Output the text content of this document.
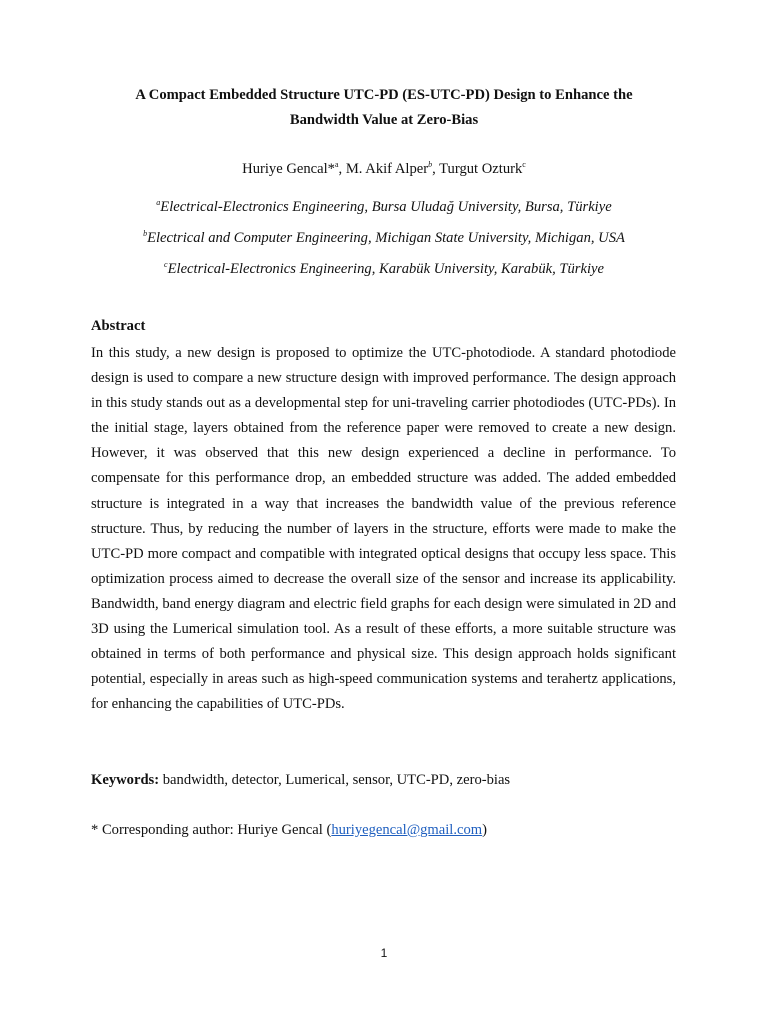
A Compact Embedded Structure UTC-PD (ES-UTC-PD) Design to Enhance the Bandwidth Value at Zero-Bias
Huriye Gencal*$^a$, M. Akif Alper$^b$, Turgut Ozturk$^c$
$^a$Electrical-Electronics Engineering, Bursa Uludağ University, Bursa, Türkiye
$^b$Electrical and Computer Engineering, Michigan State University, Michigan, USA
$^c$Electrical-Electronics Engineering, Karabük University, Karabük, Türkiye
Abstract

In this study, a new design is proposed to optimize the UTC-photodiode. A standard photodiode design is used to compare a new structure design with improved performance. The design approach in this study stands out as a developmental step for uni-traveling carrier photodiodes (UTC-PDs). In the initial stage, layers obtained from the reference paper were removed to create a new design. However, it was observed that this new design experienced a decline in performance. To compensate for this performance drop, an embedded structure was added. The added embedded structure is integrated in a way that increases the bandwidth value of the previous reference structure. Thus, by reducing the number of layers in the structure, efforts were made to make the UTC-PD more compact and compatible with integrated optical designs that occupy less space. This optimization process aimed to decrease the overall size of the sensor and increase its applicability. Bandwidth, band energy diagram and electric field graphs for each design were simulated in 2D and 3D using the Lumerical simulation tool. As a result of these efforts, a more suitable structure was obtained in terms of both performance and physical size. This design approach holds significant potential, especially in areas such as high-speed communication systems and terahertz applications, for enhancing the capabilities of UTC-PDs.

Keywords: bandwidth, detector, Lumerical, sensor, UTC-PD, zero-bias
* Corresponding author: Huriye Gencal (huriyegencal@gmail.com)
1
